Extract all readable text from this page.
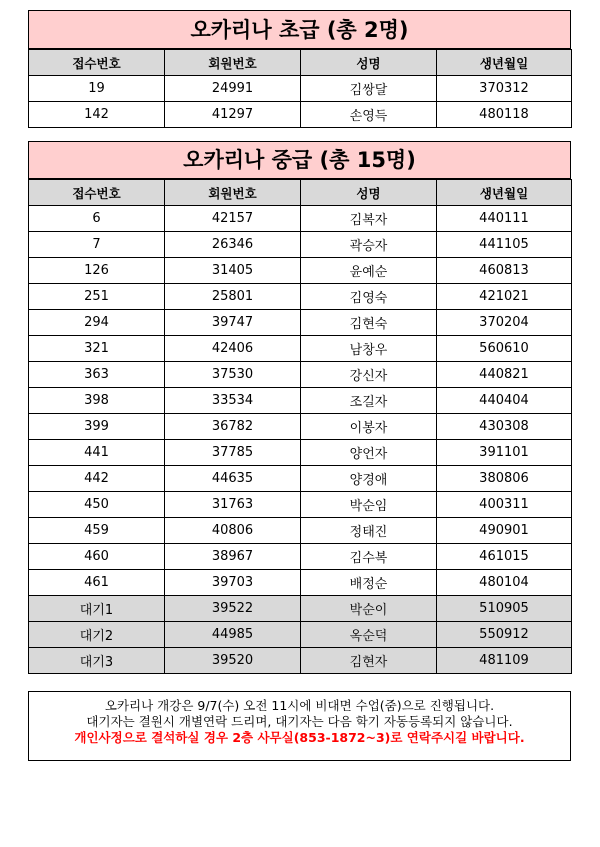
오카리나 초급 (총 2명)
접수번호	회원번호	성명	생년월일
19	24991	김쌍달	370312
142	41297	손영득	480118
오카리나 중급 (총 15명)
접수번호	회원번호	성명	생년월일
6	42157	김복자	440111
7	26346	곽승자	441105
126	31405	윤예순	460813
251	25801	김영숙	421021
294	39747	김현숙	370204
321	42406	남창우	560610
363	37530	강신자	440821
398	33534	조길자	440404
399	36782	이봉자	430308
441	37785	양언자	391101
442	44635	양경애	380806
450	31763	박순임	400311
459	40806	정태진	490901
460	38967	김수복	461015
461	39703	배정순	480104
대기1	39522	박순이	510905
대기2	44985	옥순덕	550912
대기3	39520	김현자	481109
오카리나 개강은 9/7(수) 오전 11시에 비대면 수업(줌)으로 진행됩니다.
대기자는 결원시 개별연락 드리며, 대기자는 다음 학기 자동등록되지 않습니다.
개인사정으로 결석하실 경우 2층 사무실(853-1872~3)로 연락주시길 바랍니다.
